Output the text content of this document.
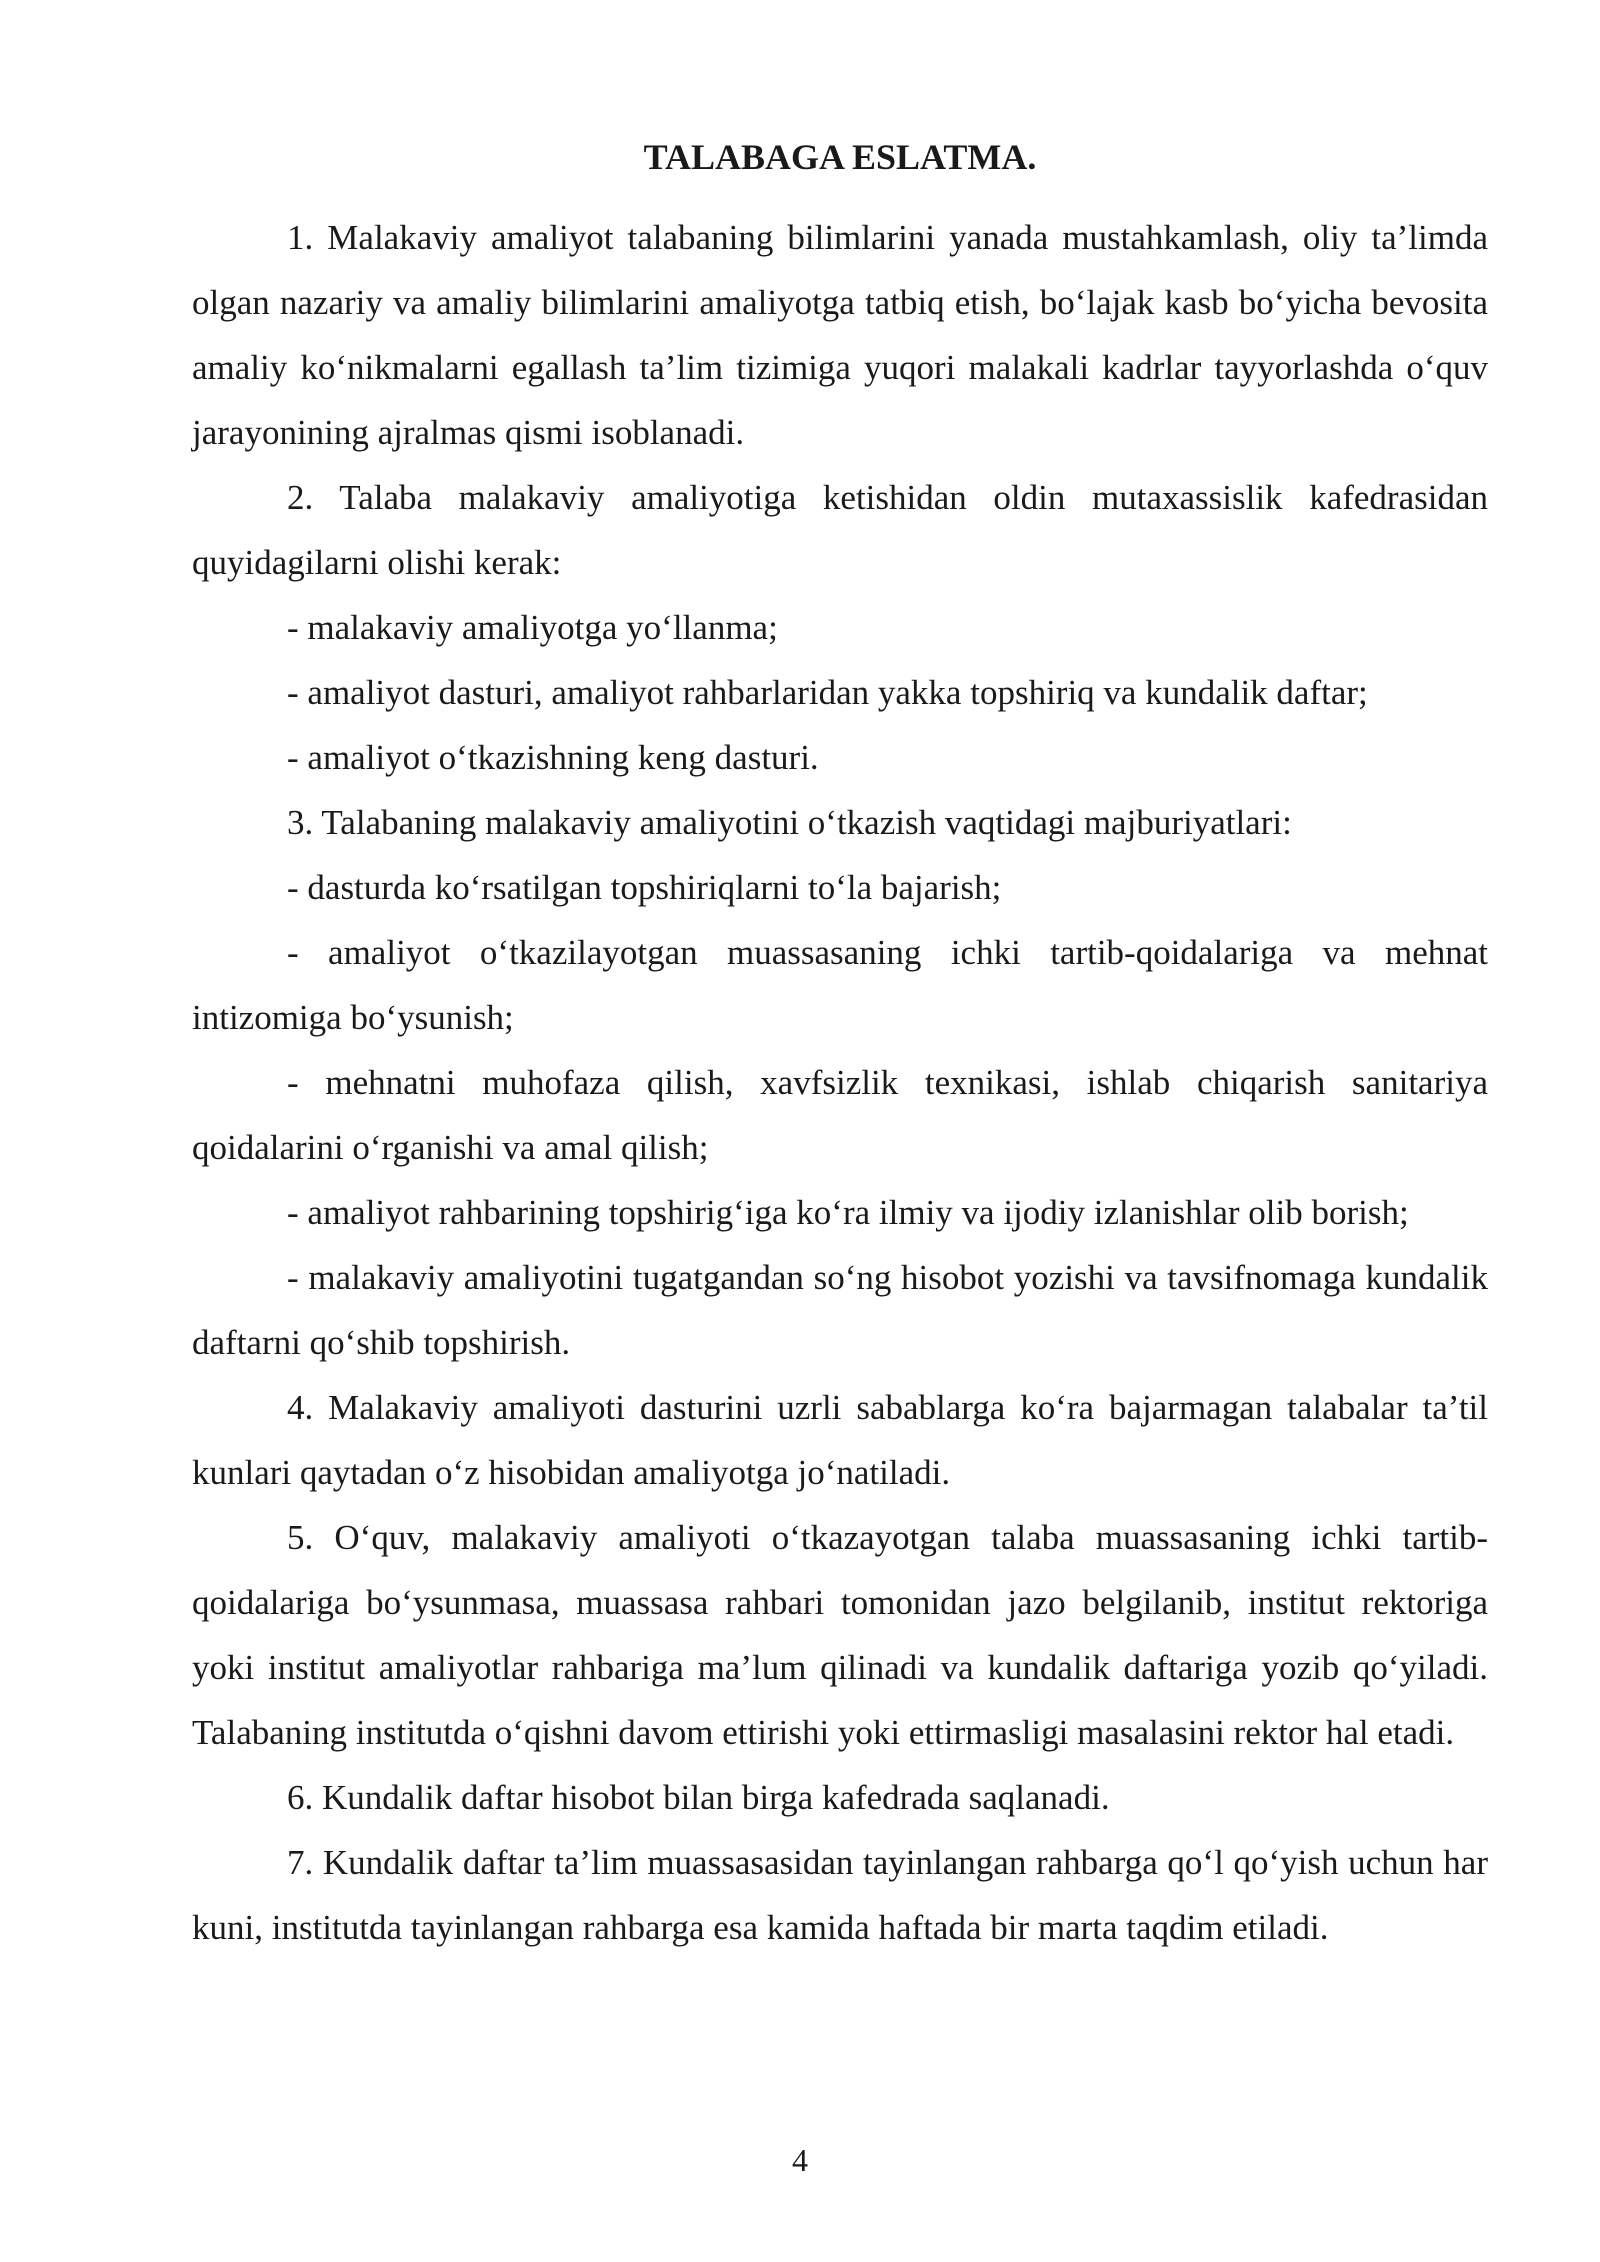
TALABAGA ESLATMA.

1. Malakaviy amaliyot talabaning bilimlarini yanada mustahkamlash, oliy ta’limda olgan nazariy va amaliy bilimlarini amaliyotga tatbiq etish, bo‘lajak kasb bo‘yicha bevosita amaliy ko‘nikmalarni egallash ta’lim tizimiga yuqori malakali kadrlar tayyorlashda o‘quv jarayonining ajralmas qismi isoblanadi.

2. Talaba malakaviy amaliyotiga ketishidan oldin mutaxassislik kafedrasidan quyidagilarni olishi kerak:

- malakaviy amaliyotga yo‘llanma;

- amaliyot dasturi, amaliyot rahbarlaridan yakka topshiriq va kundalik daftar;

- amaliyot o‘tkazishning keng dasturi.

3. Talabaning malakaviy amaliyotini o‘tkazish vaqtidagi majburiyatlari:

- dasturda ko‘rsatilgan topshiriqlarni to‘la bajarish;

- amaliyot o‘tkazilayotgan muassasaning ichki tartib-qoidalariga va mehnat intizomiga bo‘ysunish;

- mehnatni muhofaza qilish, xavfsizlik texnikasi, ishlab chiqarish sanitariya qoidalarini o‘rganishi va amal qilish;

- amaliyot rahbarining topshirig‘iga ko‘ra ilmiy va ijodiy izlanishlar olib borish;

- malakaviy amaliyotini tugatgandan so‘ng hisobot yozishi va tavsifnomaga kundalik daftarni qo‘shib topshirish.

4. Malakaviy amaliyoti dasturini uzrli sabablarga ko‘ra bajarmagan talabalar ta’til kunlari qaytadan o‘z hisobidan amaliyotga jo‘natiladi.

5. O‘quv, malakaviy amaliyoti o‘tkazayotgan talaba muassasaning ichki tartib-qoidalariga bo‘ysunmasa, muassasa rahbari tomonidan jazo belgilanib, institut rektoriga yoki institut amaliyotlar rahbariga ma’lum qilinadi va kundalik daftariga yozib qo‘yiladi. Talabaning institutda o‘qishni davom ettirishi yoki ettirmasligi masalasini rektor hal etadi.

6. Kundalik daftar hisobot bilan birga kafedrada saqlanadi.

7. Kundalik daftar ta’lim muassasasidan tayinlangan rahbarga qo‘l qo‘yish uchun har kuni, institutda tayinlangan rahbarga esa kamida haftada bir marta taqdim etiladi.

4
